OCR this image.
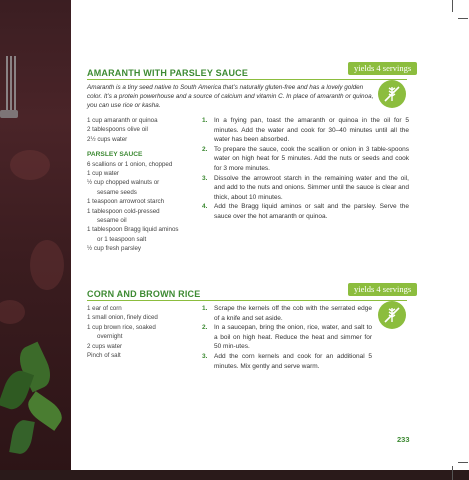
yields 4 servings
AMARANTH WITH PARSLEY SAUCE
Amaranth is a tiny seed native to South America that’s naturally gluten-free and has a lovely golden color. It’s a protein powerhouse and a source of calcium and vitamin C. In place of amaranth or quinoa, you can use rice or kasha.
1 cup amaranth or quinoa
2 tablespoons olive oil
2½ cups water
PARSLEY SAUCE
6 scallions or 1 onion, chopped
1 cup water
½ cup chopped walnuts or
sesame seeds
1 teaspoon arrowroot starch
1 tablespoon cold-pressed
sesame oil
1 tablespoon Bragg liquid aminos
or 1 teaspoon salt
½ cup fresh parsley
1. In a frying pan, toast the amaranth or quinoa in the oil for 5 minutes. Add the water and cook for 30–40 minutes until all the water has been absorbed.
2. To prepare the sauce, cook the scallion or onion in 3 table-spoons water on high heat for 5 minutes. Add the nuts or seeds and cook for 3 more minutes.
3. Dissolve the arrowroot starch in the remaining water and the oil, and add to the nuts and onions. Simmer until the sauce is clear and thick, about 10 minutes.
4. Add the Bragg liquid aminos or salt and the parsley. Serve the sauce over the hot amaranth or quinoa.
yields 4 servings
CORN AND BROWN RICE
1 ear of corn
1 small onion, finely diced
1 cup brown rice, soaked
overnight
2 cups water
Pinch of salt
1. Scrape the kernels off the cob with the serrated edge of a knife and set aside.
2. In a saucepan, bring the onion, rice, water, and salt to a boil on high heat. Reduce the heat and simmer for 50 min-utes.
3. Add the corn kernels and cook for an additional 5 minutes. Mix gently and serve warm.
233
